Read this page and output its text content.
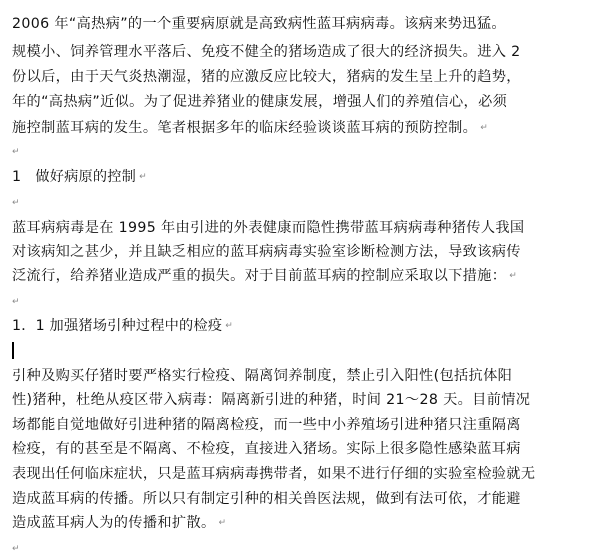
2006 年“高热病”的一个重要病原就是高致病性蓝耳病病毒。该病来势迅猛。
规模小、饲养管理水平落后、免疫不健全的猪场造成了很大的经济损失。进入 2
份以后，由于天气炎热潮湿，猪的应激反应比较大，猪病的发生呈上升的趋势，
年的“高热病”近似。为了促进养猪业的健康发展，增强人们的养殖信心，必须
施控制蓝耳病的发生。笔者根据多年的临床经验谈谈蓝耳病的预防控制。 ↵
↵
1   做好病原的控制 ↵
↵
蓝耳病病毒是在 1995 年由引进的外表健康而隐性携带蓝耳病病毒种猪传人我国
对该病知之甚少，并且缺乏相应的蓝耳病病毒实验室诊断检测方法，导致该病传
泛流行，给养猪业造成严重的损失。对于目前蓝耳病的控制应采取以下措施： ↵
↵
1．1 加强猪场引种过程中的检疫 ↵
引种及购买仔猪时要严格实行检疫、隔离饲养制度，禁止引入阳性(包括抗体阳
性)猪种，杜绝从疫区带入病毒：隔离新引进的种猪，时间 21～28 天。目前情况
场都能自觉地做好引进种猪的隔离检疫，而一些中小养殖场引进种猪只注重隔离
检疫，有的甚至是不隔离、不检疫，直接进入猪场。实际上很多隐性感染蓝耳病
表现出任何临床症状，只是蓝耳病病毒携带者，如果不进行仔细的实验室检验就无
造成蓝耳病的传播。所以只有制定引种的相关兽医法规，做到有法可依，才能避
造成蓝耳病人为的传播和扩散。 ↵
↵
